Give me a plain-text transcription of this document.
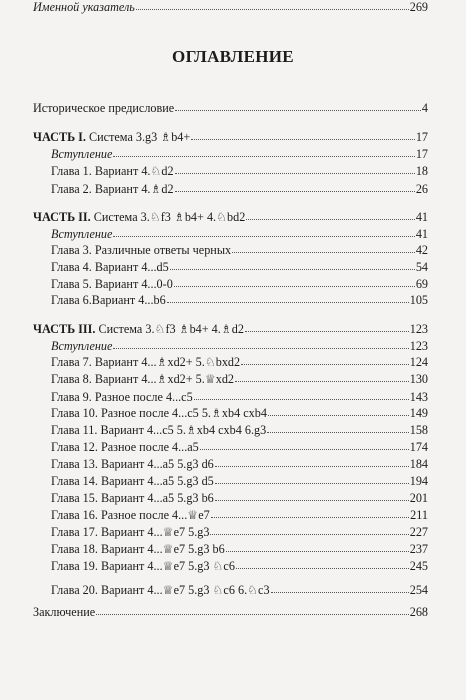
ОГЛАВЛЕНИЕ
Историческое предисловие	4
ЧАСТЬ I. Система 3.g3 ♗b4+	17
Вступление	17
Глава 1. Вариант 4.♘d2	18
Глава 2. Вариант 4.♗d2	26
ЧАСТЬ II. Система 3.♘f3 ♗b4+ 4.♘bd2	41
Вступление	41
Глава 3. Различные ответы черных	42
Глава 4. Вариант 4...d5	54
Глава 5. Вариант 4...0-0	69
Глава 6.Вариант 4...b6	105
ЧАСТЬ III. Система 3.♘f3 ♗b4+ 4.♗d2	123
Вступление	123
Глава 7. Вариант 4...♗xd2+ 5.♘bxd2	124
Глава 8. Вариант 4...♗xd2+ 5.♕xd2	130
Глава 9. Разное после 4...c5	143
Глава 10. Разное после 4...c5 5.♗xb4 cxb4	149
Глава 11. Вариант 4...c5 5.♗xb4 cxb4 6.g3	158
Глава 12. Разное после 4...a5	174
Глава 13. Вариант 4...a5 5.g3 d6	184
Глава 14. Вариант 4...a5 5.g3 d5	194
Глава 15. Вариант 4...a5 5.g3 b6	201
Глава 16. Разное после 4...♕e7	211
Глава 17. Вариант 4...♕e7 5.g3	227
Глава 18. Вариант 4...♕e7 5.g3 b6	237
Глава 19. Вариант 4...♕e7 5.g3 ♘c6	245
Глава 20. Вариант 4...♕e7 5.g3 ♘c6 6.♘c3	254
Заключение	268
Именной указатель	269
